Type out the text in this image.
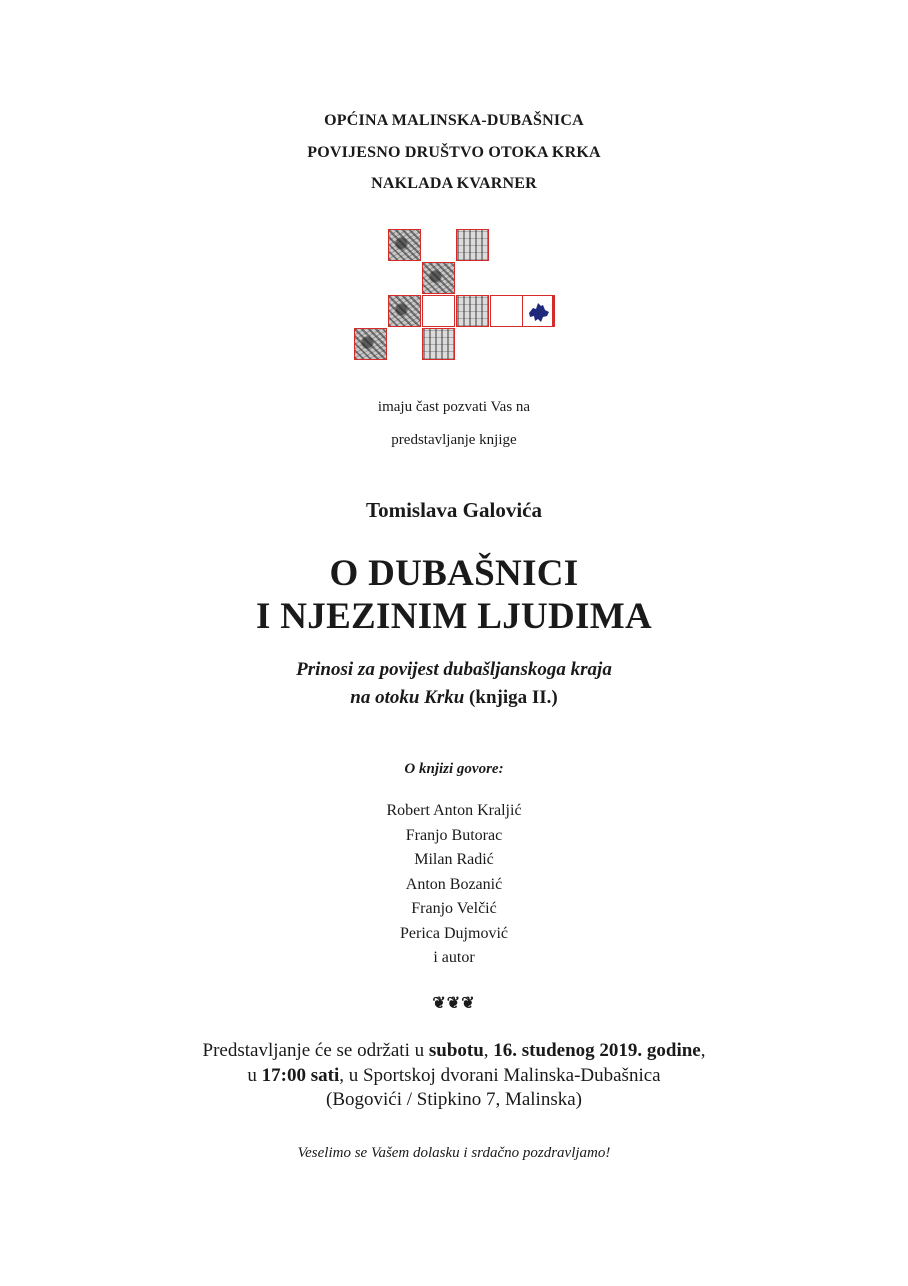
OPĆINA MALINSKA-DUBAŠNICA
POVIJESNO DRUŠTVO OTOKA KRKA
NAKLADA KVARNER
imaju čast pozvati Vas na
predstavljanje knjige
Tomislava Galovića
O DUBAŠNICI
I NJEZINIM LJUDIMA
Prinosi za povijest dubašljanskoga kraja
na otoku Krku (knjiga II.)
O knjizi govore:
Robert Anton Kraljić
Franjo Butorac
Milan Radić
Anton Bozanić
Franjo Velčić
Perica Dujmović
i autor
❦❦❦
Predstavljanje će se održati u subotu, 16. studenog 2019. godine,
u 17:00 sati, u Sportskoj dvorani Malinska-Dubašnica
(Bogovići / Stipkino 7, Malinska)
Veselimo se Vašem dolasku i srdačno pozdravljamo!
